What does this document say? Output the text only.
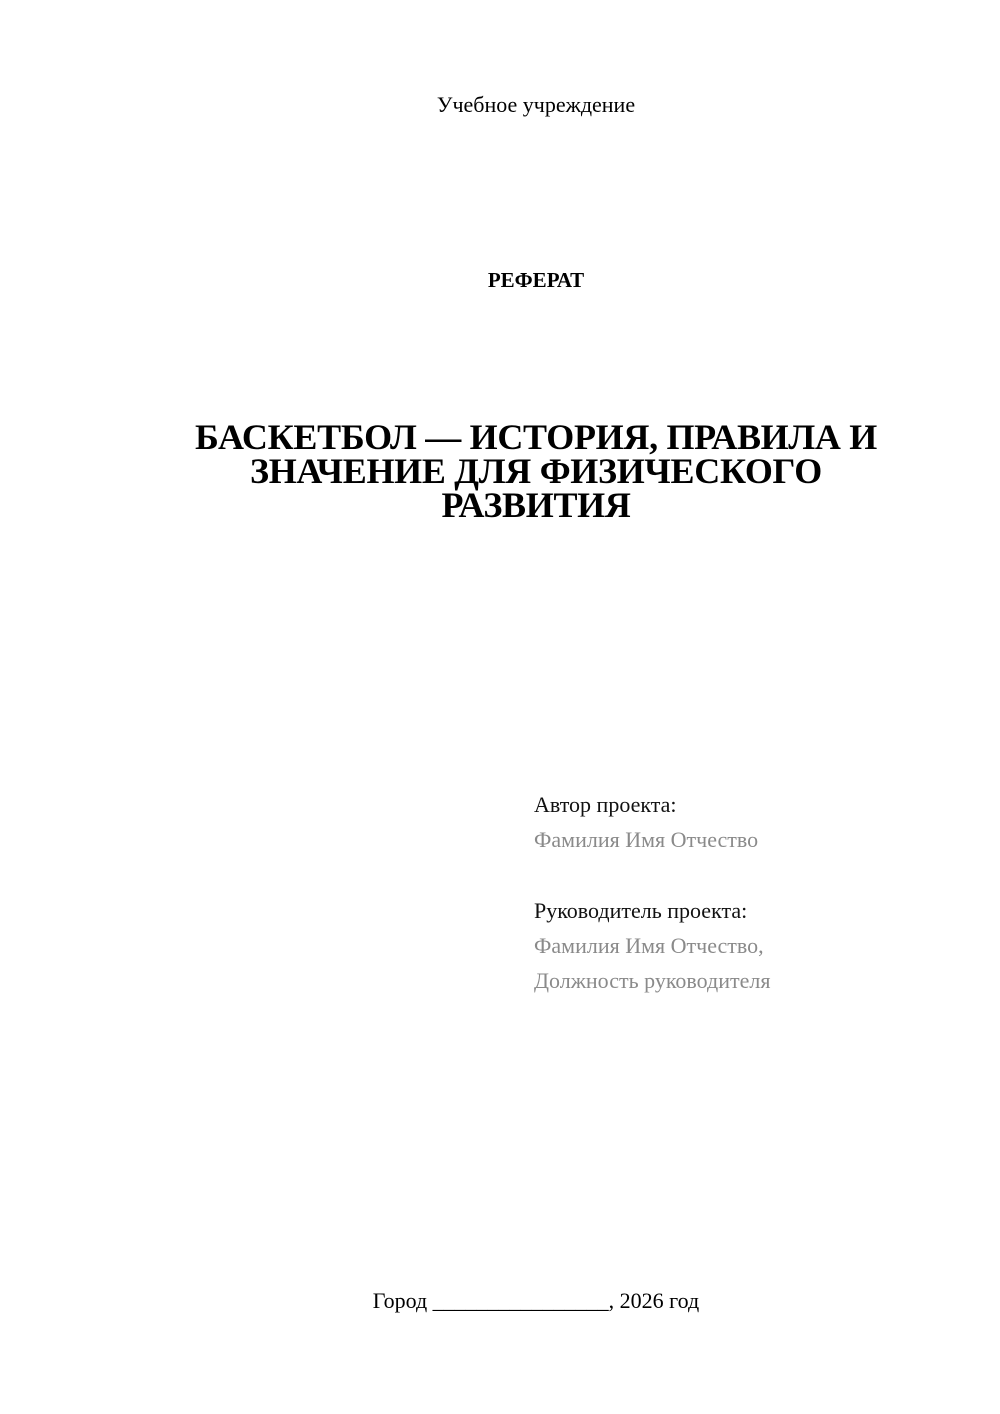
Учебное учреждение
РЕФЕРАТ
БАСКЕТБОЛ — ИСТОРИЯ, ПРАВИЛА И
ЗНАЧЕНИЕ ДЛЯ ФИЗИЧЕСКОГО
РАЗВИТИЯ
Автор проекта:
Фамилия Имя Отчество
Руководитель проекта:
Фамилия Имя Отчество,
Должность руководителя
Город ________________, 2026 год
